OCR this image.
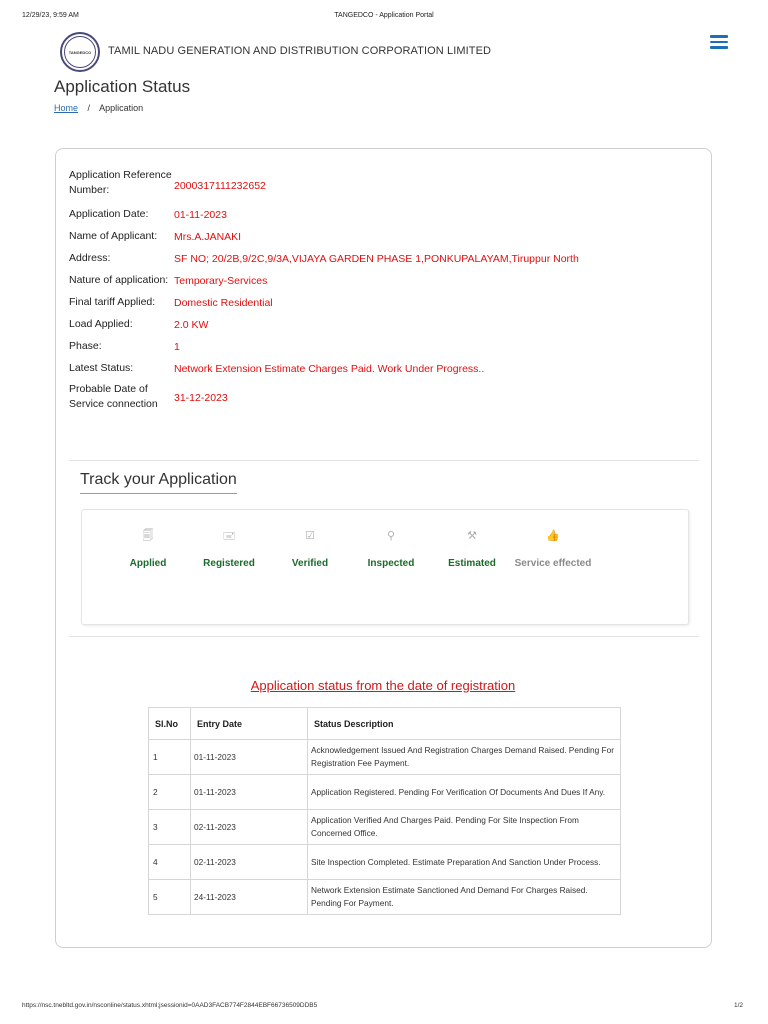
12/29/23, 9:59 AM	TANGEDCO - Application Portal
TANGEDCO	TAMIL NADU GENERATION AND DISTRIBUTION CORPORATION LIMITED
Application Status
Home / Application
Application Reference Number:	2000317111232652
Application Date:	01-11-2023
Name of Applicant:	Mrs.A.JANAKI
Address:	SF NO; 20/2B,9/2C,9/3A,VIJAYA GARDEN PHASE 1,PONKUPALAYAM,Tiruppur North
Nature of application: Temporary-Services
Final tariff Applied:	Domestic Residential
Load Applied:	2.0 KW
Phase:	1
Latest Status:	Network Extension Estimate Charges Paid. Work Under Progress..
Probable Date of Service connection	31-12-2023
Track your Application
🗐
Applied
🖃
Registered
☑
Verified
⚲
Inspected
⚒
Estimated
👍
Service effected
Application status from the date of registration
Sl.No	Entry Date	Status Description
1	01-11-2023	Acknowledgement Issued And Registration Charges Demand Raised. Pending For Registration Fee Payment.
2	01-11-2023	Application Registered. Pending For Verification Of Documents And Dues If Any.
3	02-11-2023	Application Verified And Charges Paid. Pending For Site Inspection From Concerned Office.
4	02-11-2023	Site Inspection Completed. Estimate Preparation And Sanction Under Process.
5	24-11-2023	Network Extension Estimate Sanctioned And Demand For Charges Raised. Pending For Payment.
https://nsc.tnebltd.gov.in/nsconline/status.xhtml;jsessionid=0AAD3FACB774F2844EBF66736509DDB5	1/2
